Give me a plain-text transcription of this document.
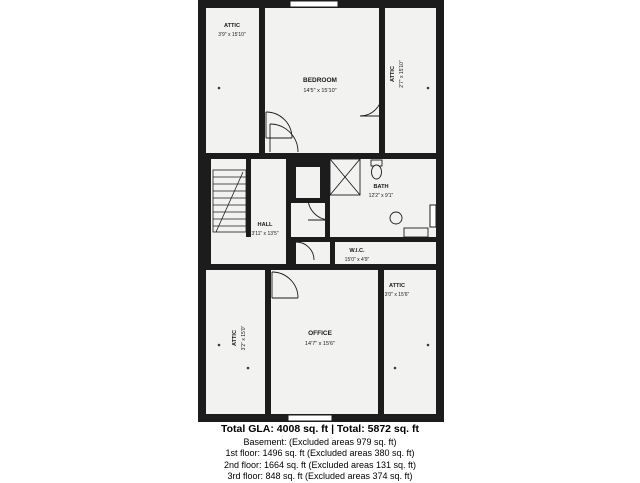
ATTIC
3'9" x 15'10"
BEDROOM
14'5" x 15'10"
ATTIC 2'7" x 15'10"
BATH
12'2" x 9'1"
HALL
3'11" x 13'5"
W.I.C.
15'0" x 4'9"
ATTIC
3'0" x 15'6"
OFFICE
14'7" x 15'6"
ATTIC 3'2" x 15'0"
Total GLA: 4008 sq. ft | Total: 5872 sq. ft
Basement: (Excluded areas 979 sq. ft)
1st floor: 1496 sq. ft (Excluded areas 380 sq. ft)
2nd floor: 1664 sq. ft (Excluded areas 131 sq. ft)
3rd floor: 848 sq. ft (Excluded areas 374 sq. ft)
